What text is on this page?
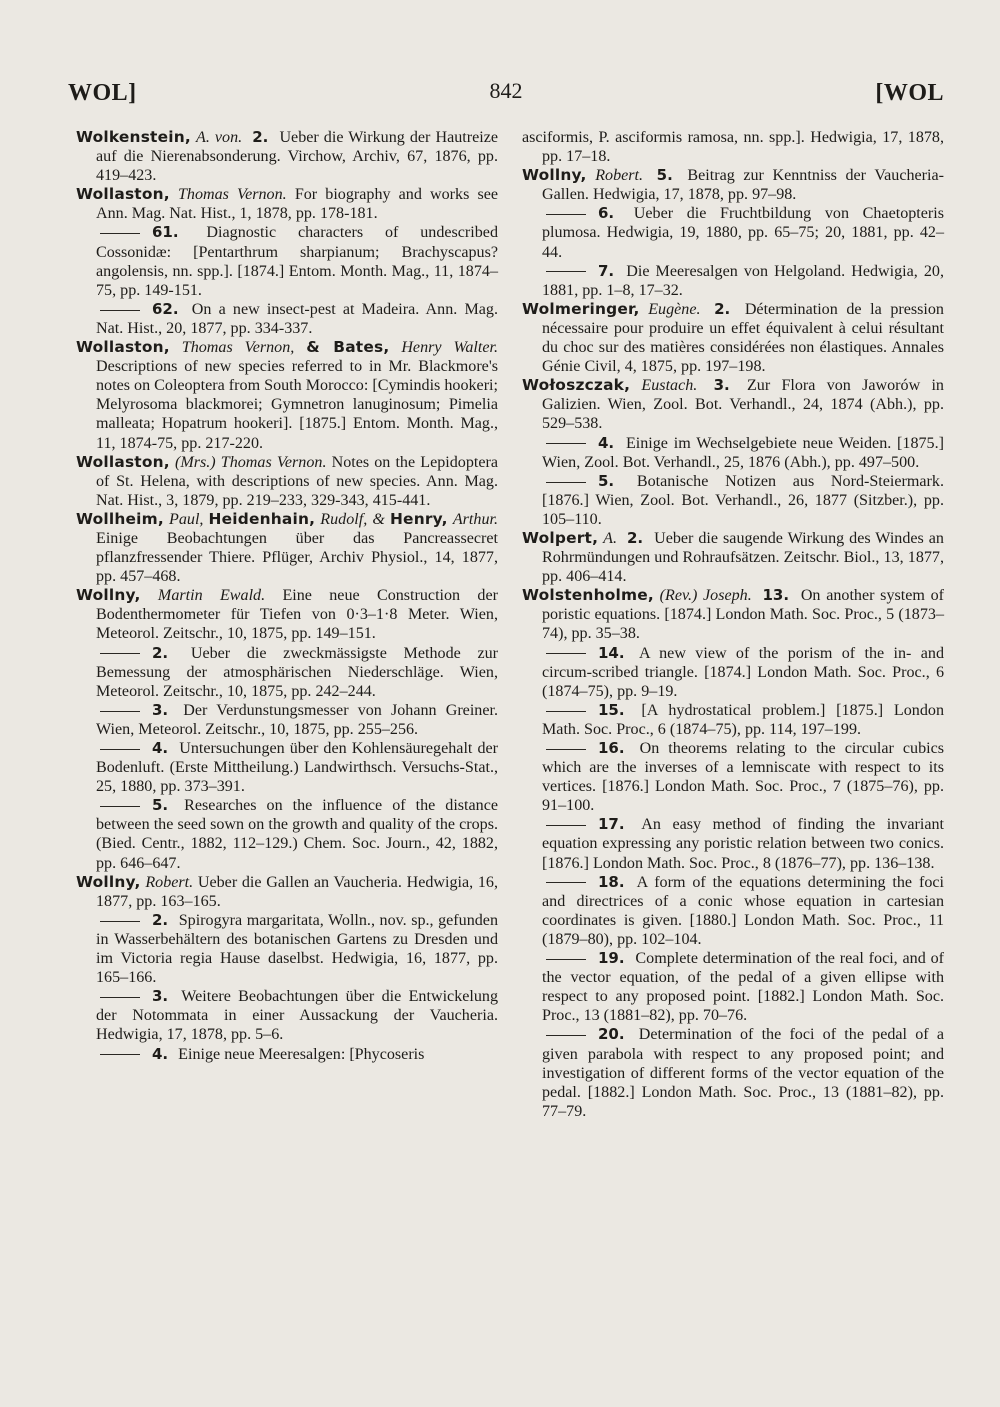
WOL]	842	[WOL

Wolkenstein, A. von. 2. Ueber die Wirkung der Hautreize auf die Nierenabsonderung. Virchow, Archiv, 67, 1876, pp. 419–423.

Wollaston, Thomas Vernon. For biography and works see Ann. Mag. Nat. Hist., 1, 1878, pp. 178-181.

61. Diagnostic characters of undescribed Cossonidæ: [Pentarthrum sharpianum; Brachyscapus? angolensis, nn. spp.]. [1874.] Entom. Month. Mag., 11, 1874–75, pp. 149-151.

62. On a new insect-pest at Madeira. Ann. Mag. Nat. Hist., 20, 1877, pp. 334-337.

Wollaston, Thomas Vernon, & Bates, Henry Walter. Descriptions of new species referred to in Mr. Blackmore's notes on Coleoptera from South Morocco: [Cymindis hookeri; Melyrosoma blackmorei; Gymnetron lanuginosum; Pimelia malleata; Hopatrum hookeri]. [1875.] Entom. Month. Mag., 11, 1874-75, pp. 217-220.

Wollaston, (Mrs.) Thomas Vernon. Notes on the Lepidoptera of St. Helena, with descriptions of new species. Ann. Mag. Nat. Hist., 3, 1879, pp. 219–233, 329-343, 415-441.

Wollheim, Paul, Heidenhain, Rudolf, & Henry, Arthur. Einige Beobachtungen über das Pancreassecret pflanzfressender Thiere. Pflüger, Archiv Physiol., 14, 1877, pp. 457–468.

Wollny, Martin Ewald. Eine neue Construction der Bodenthermometer für Tiefen von 0·3–1·8 Meter. Wien, Meteorol. Zeitschr., 10, 1875, pp. 149–151.

2. Ueber die zweckmässigste Methode zur Bemessung der atmosphärischen Niederschläge. Wien, Meteorol. Zeitschr., 10, 1875, pp. 242–244.

3. Der Verdunstungsmesser von Johann Greiner. Wien, Meteorol. Zeitschr., 10, 1875, pp. 255–256.

4. Untersuchungen über den Kohlensäuregehalt der Bodenluft. (Erste Mittheilung.) Landwirthsch. Versuchs-Stat., 25, 1880, pp. 373–391.

5. Researches on the influence of the distance between the seed sown on the growth and quality of the crops. (Bied. Centr., 1882, 112–129.) Chem. Soc. Journ., 42, 1882, pp. 646–647.

Wollny, Robert. Ueber die Gallen an Vaucheria. Hedwigia, 16, 1877, pp. 163–165.

2. Spirogyra margaritata, Wolln., nov. sp., gefunden in Wasserbehältern des botanischen Gartens zu Dresden und im Victoria regia Hause daselbst. Hedwigia, 16, 1877, pp. 165–166.

3. Weitere Beobachtungen über die Entwickelung der Notommata in einer Aussackung der Vaucheria. Hedwigia, 17, 1878, pp. 5–6.

4. Einige neue Meeresalgen: [Phycoseris

asciformis, P. asciformis ramosa, nn. spp.]. Hedwigia, 17, 1878, pp. 17–18.

Wollny, Robert. 5. Beitrag zur Kenntniss der Vaucheria-Gallen. Hedwigia, 17, 1878, pp. 97–98.

6. Ueber die Fruchtbildung von Chaetopteris plumosa. Hedwigia, 19, 1880, pp. 65–75; 20, 1881, pp. 42–44.

7. Die Meeresalgen von Helgoland. Hedwigia, 20, 1881, pp. 1–8, 17–32.

Wolmeringer, Eugène. 2. Détermination de la pression nécessaire pour produire un effet équivalent à celui résultant du choc sur des matières considérées non élastiques. Annales Génie Civil, 4, 1875, pp. 197–198.

Wołoszczak, Eustach. 3. Zur Flora von Jaworów in Galizien. Wien, Zool. Bot. Verhandl., 24, 1874 (Abh.), pp. 529–538.

4. Einige im Wechselgebiete neue Weiden. [1875.] Wien, Zool. Bot. Verhandl., 25, 1876 (Abh.), pp. 497–500.

5. Botanische Notizen aus Nord-Steiermark. [1876.] Wien, Zool. Bot. Verhandl., 26, 1877 (Sitzber.), pp. 105–110.

Wolpert, A. 2. Ueber die saugende Wirkung des Windes an Rohrmündungen und Rohraufsätzen. Zeitschr. Biol., 13, 1877, pp. 406–414.

Wolstenholme, (Rev.) Joseph. 13. On another system of poristic equations. [1874.] London Math. Soc. Proc., 5 (1873–74), pp. 35–38.

14. A new view of the porism of the in- and circum-scribed triangle. [1874.] London Math. Soc. Proc., 6 (1874–75), pp. 9–19.

15. [A hydrostatical problem.] [1875.] London Math. Soc. Proc., 6 (1874–75), pp. 114, 197–199.

16. On theorems relating to the circular cubics which are the inverses of a lemniscate with respect to its vertices. [1876.] London Math. Soc. Proc., 7 (1875–76), pp. 91–100.

17. An easy method of finding the invariant equation expressing any poristic relation between two conics. [1876.] London Math. Soc. Proc., 8 (1876–77), pp. 136–138.

18. A form of the equations determining the foci and directrices of a conic whose equation in cartesian coordinates is given. [1880.] London Math. Soc. Proc., 11 (1879–80), pp. 102–104.

19. Complete determination of the real foci, and of the vector equation, of the pedal of a given ellipse with respect to any proposed point. [1882.] London Math. Soc. Proc., 13 (1881–82), pp. 70–76.

20. Determination of the foci of the pedal of a given parabola with respect to any proposed point; and investigation of different forms of the vector equation of the pedal. [1882.] London Math. Soc. Proc., 13 (1881–82), pp. 77–79.
